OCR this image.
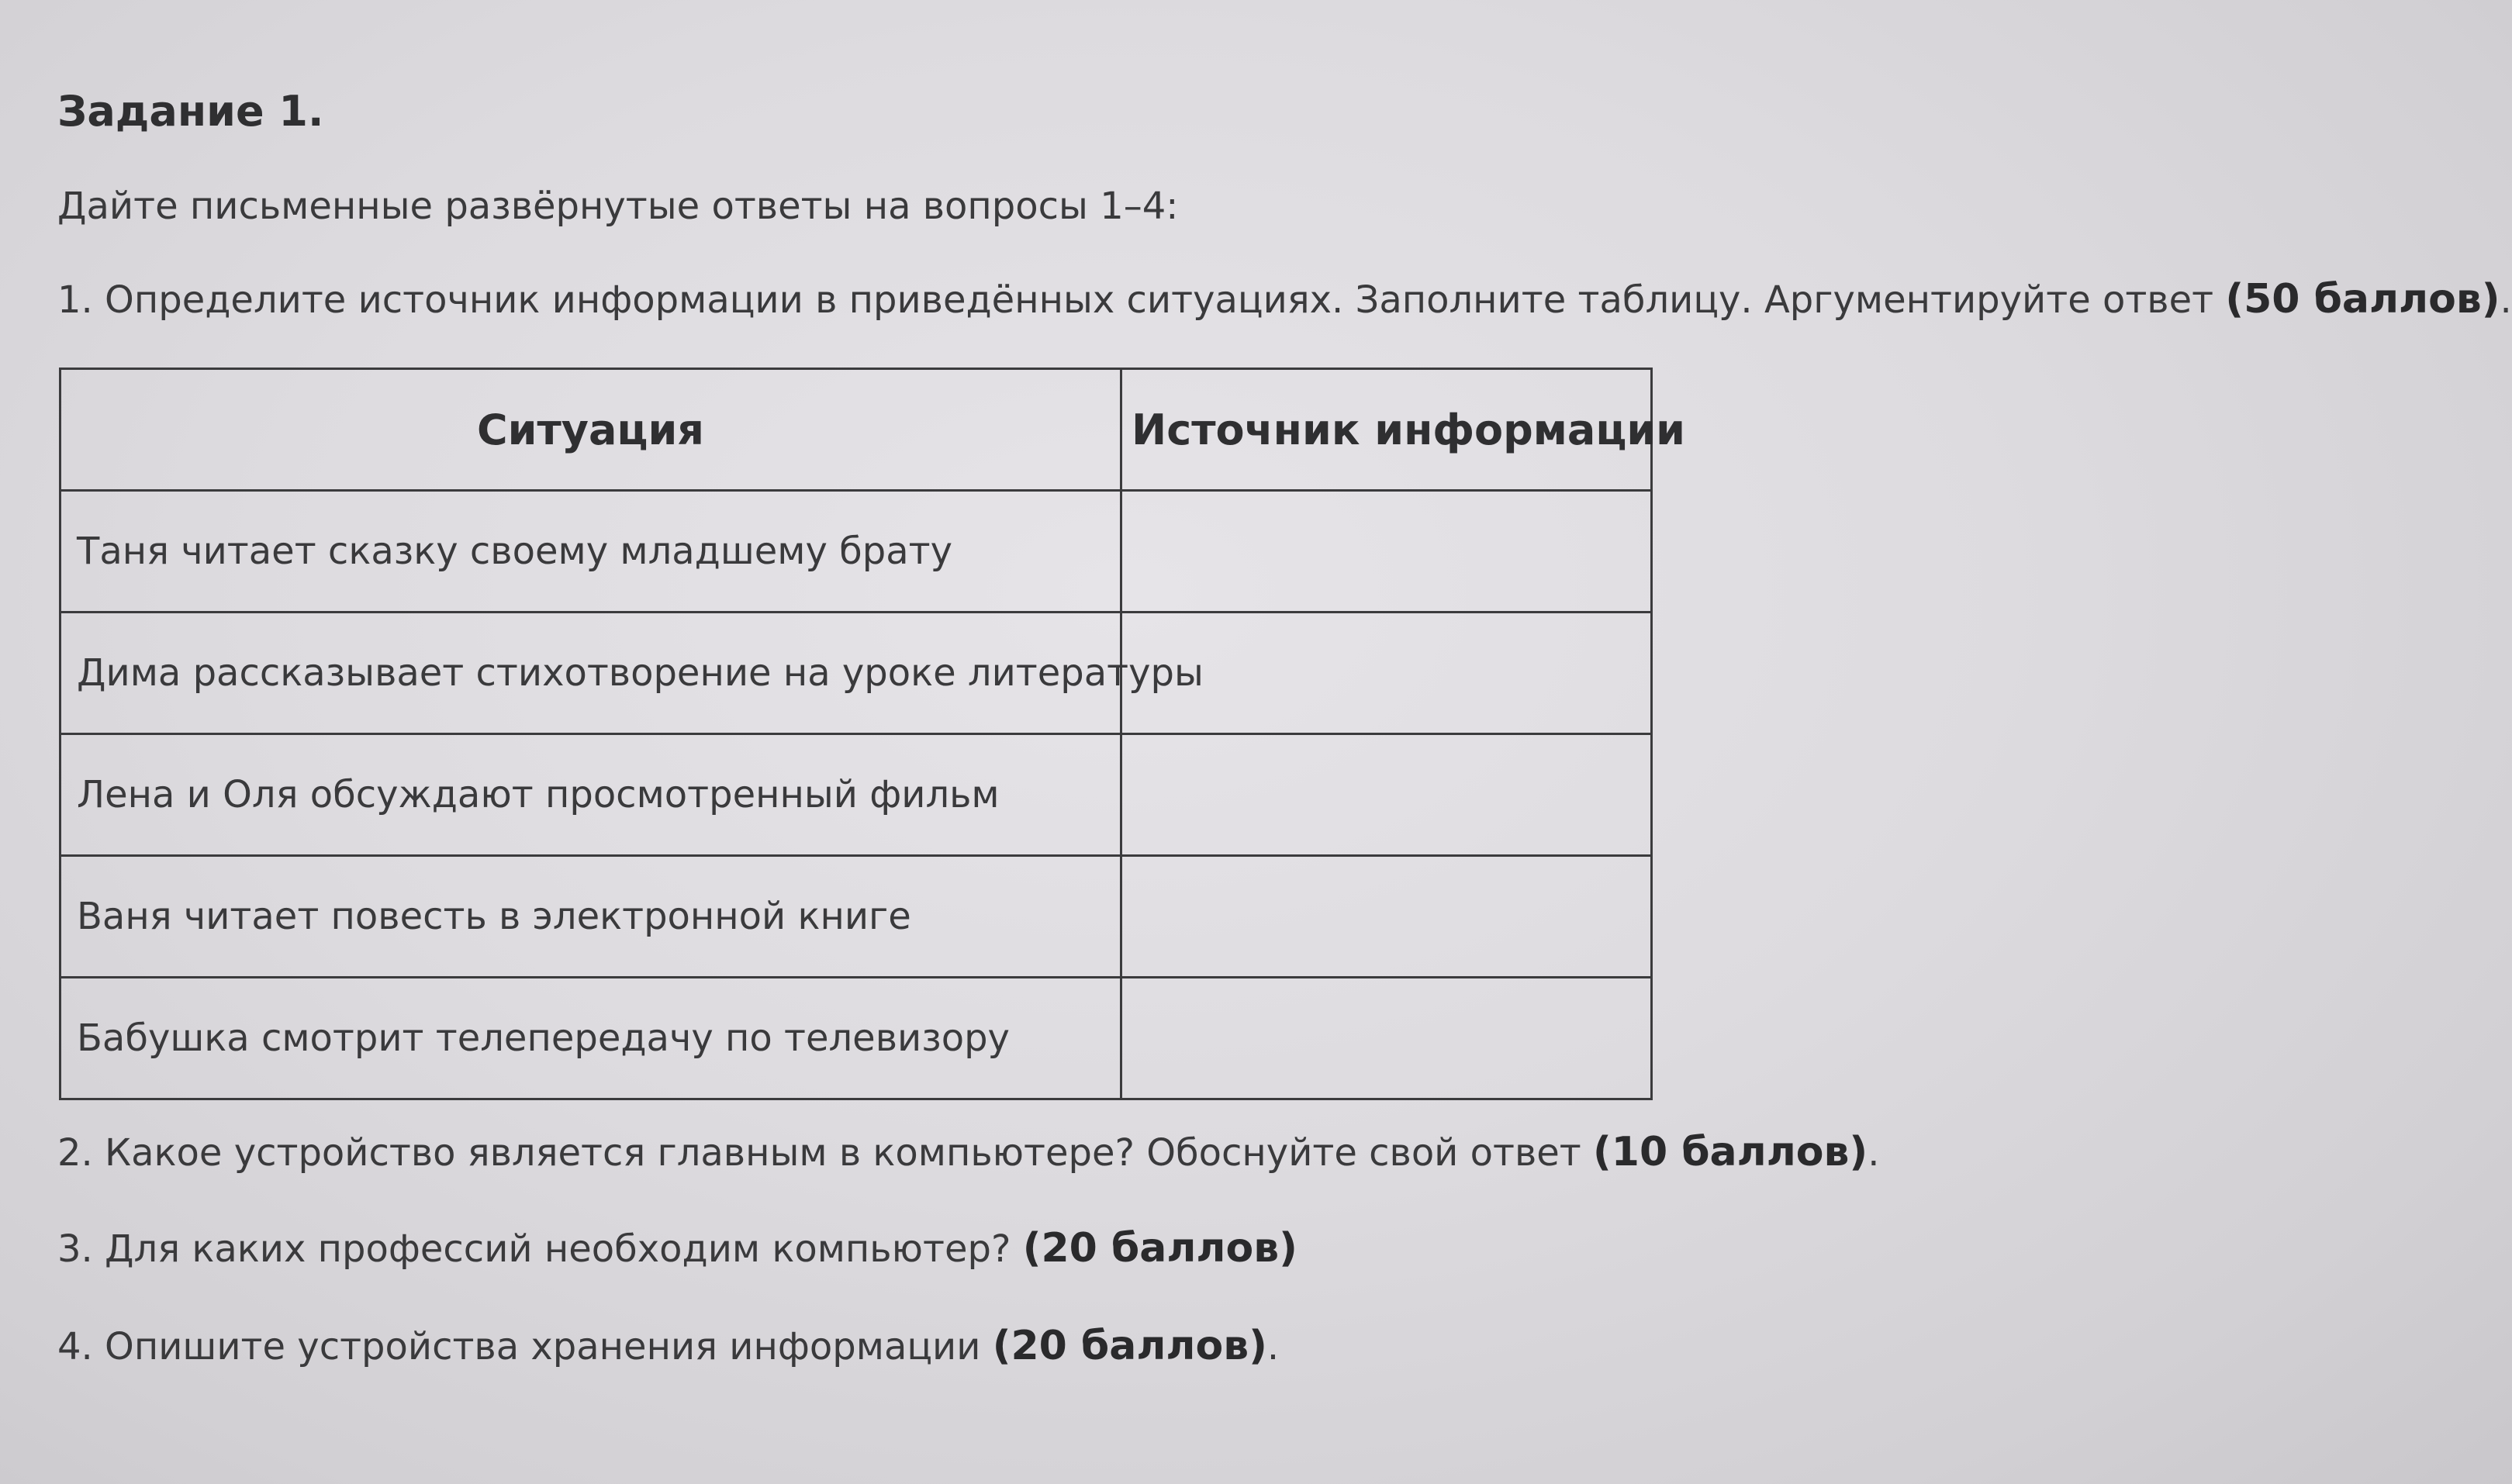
Задание 1.
Дайте письменные развёрнутые ответы на вопросы 1–4:
1. Определите источник информации в приведённых ситуациях. Заполните таблицу. Аргументируйте ответ (50 баллов).
Ситуация	Источник информации
Таня читает сказку своему младшему брату	
Дима рассказывает стихотворение на уроке литературы	
Лена и Оля обсуждают просмотренный фильм	
Ваня читает повесть в электронной книге	
Бабушка смотрит телепередачу по телевизору	
2. Какое устройство является главным в компьютере? Обоснуйте свой ответ (10 баллов).
3. Для каких профессий необходим компьютер? (20 баллов)
4. Опишите устройства хранения информации (20 баллов).
